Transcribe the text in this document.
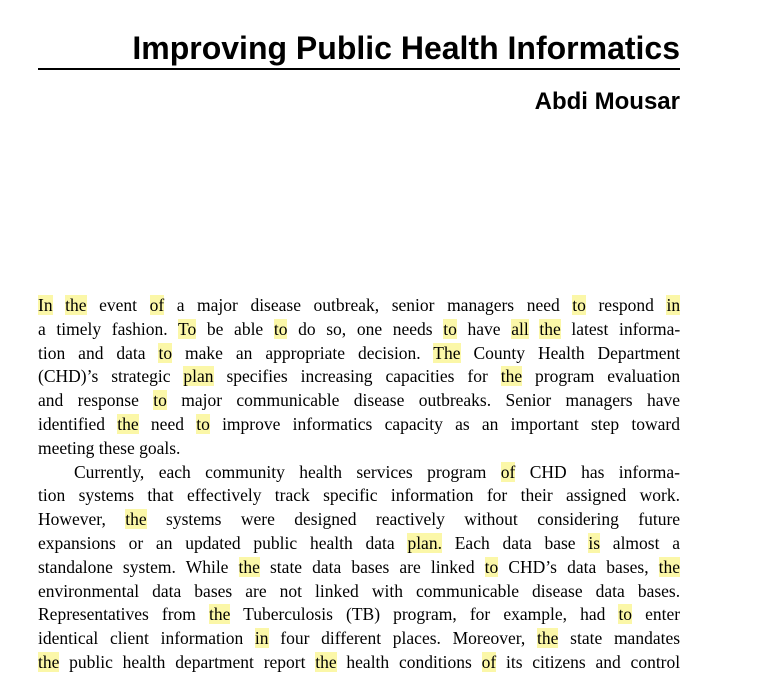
Improving Public Health Informatics
Abdi Mousar
In the event of a major disease outbreak, senior managers need to respond in
a timely fashion. To be able to do so, one needs to have all the latest informa-
tion and data to make an appropriate decision. The County Health Department
(CHD)’s strategic plan specifies increasing capacities for the program evaluation
and response to major communicable disease outbreaks. Senior managers have
identified the need to improve informatics capacity as an important step toward
meeting these goals.
Currently, each community health services program of CHD has informa-
tion systems that effectively track specific information for their assigned work.
However, the systems were designed reactively without considering future
expansions or an updated public health data plan. Each data base is almost a
standalone system. While the state data bases are linked to CHD’s data bases, the
environmental data bases are not linked with communicable disease data bases.
Representatives from the Tuberculosis (TB) program, for example, had to enter
identical client information in four different places. Moreover, the state mandates
the public health department report the health conditions of its citizens and control
